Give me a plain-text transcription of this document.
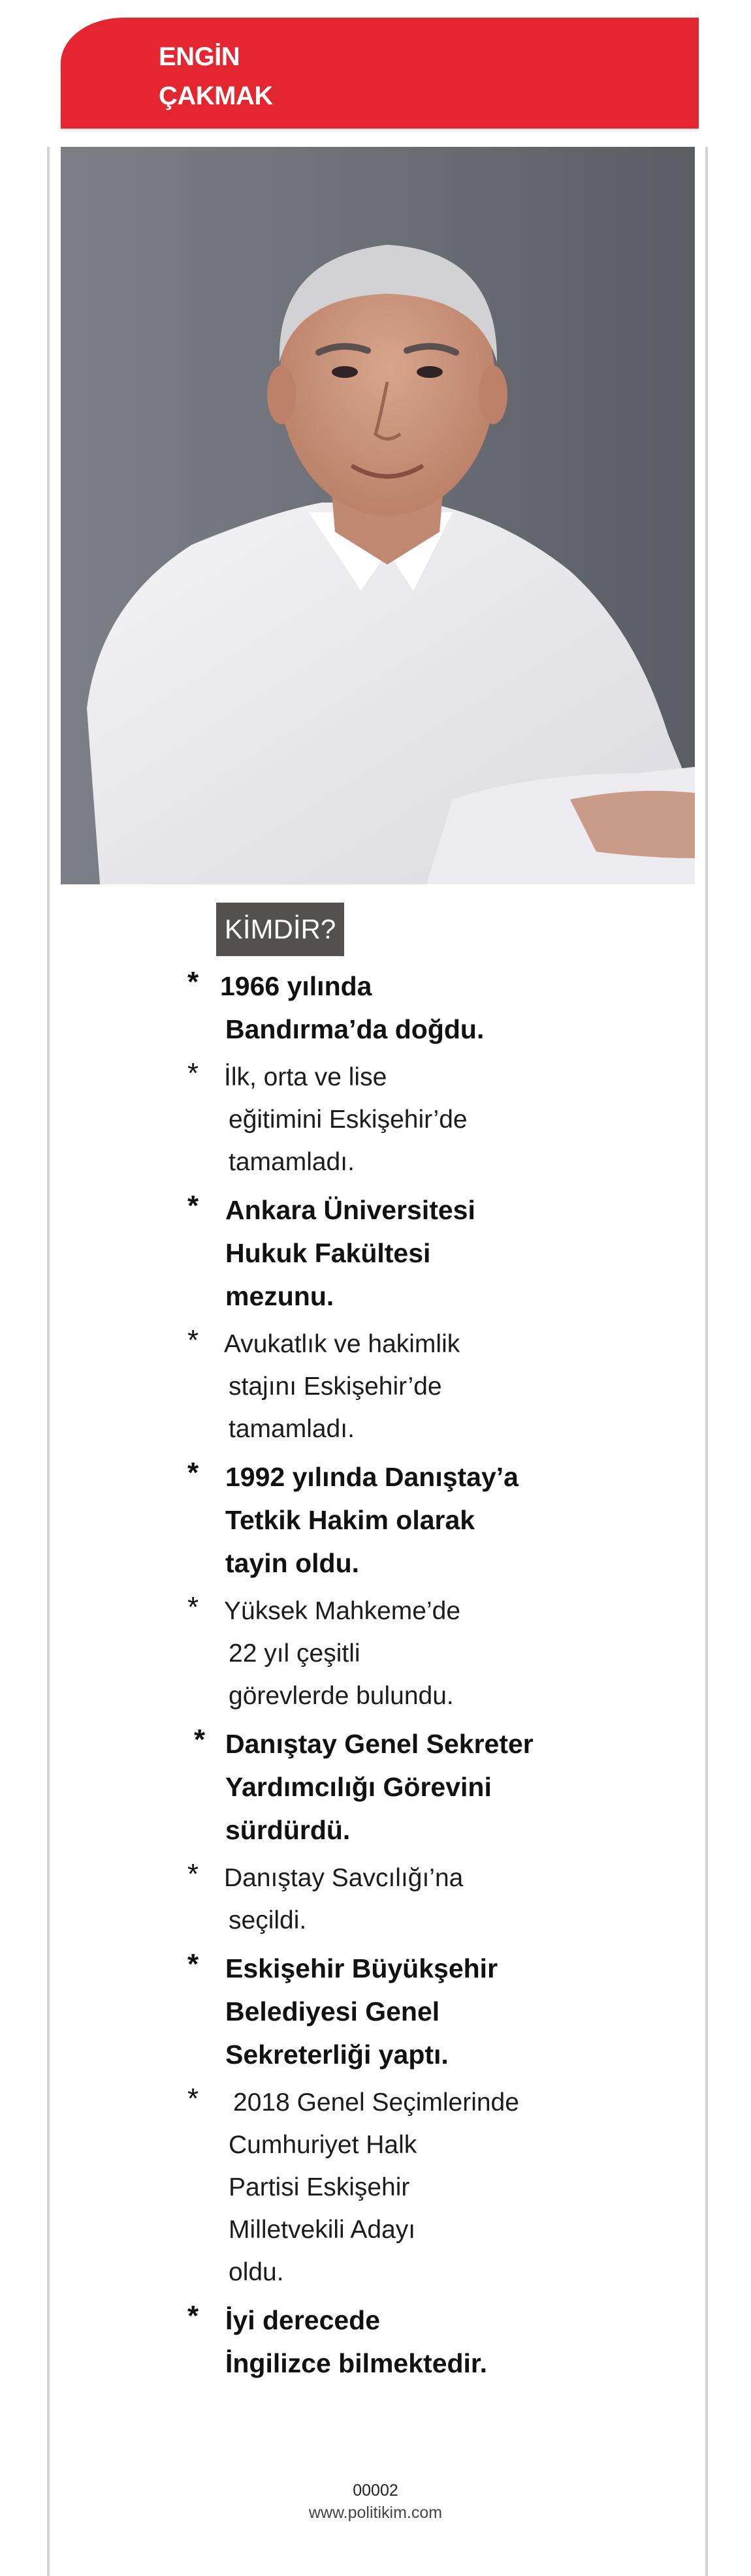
ENGİN
ÇAKMAK
KİMDİR?
* 1966 yılında
Bandırma’da doğdu.
* İlk, orta ve lise
eğitimini Eskişehir’de
tamamladı.
* Ankara Üniversitesi
Hukuk Fakültesi
mezunu.
* Avukatlık ve hakimlik
stajını Eskişehir’de
tamamladı.
* 1992 yılında Danıştay’a
Tetkik Hakim olarak
tayin oldu.
* Yüksek Mahkeme’de
22 yıl çeşitli
görevlerde bulundu.
* Danıştay Genel Sekreter
Yardımcılığı Görevini
sürdürdü.
* Danıştay Savcılığı’na
seçildi.
* Eskişehir Büyükşehir
Belediyesi Genel
Sekreterliği yaptı.
* 2018 Genel Seçimlerinde
Cumhuriyet Halk
Partisi Eskişehir
Milletvekili Adayı
oldu.
* İyi derecede
İngilizce bilmektedir.
00002
www.politikim.com
